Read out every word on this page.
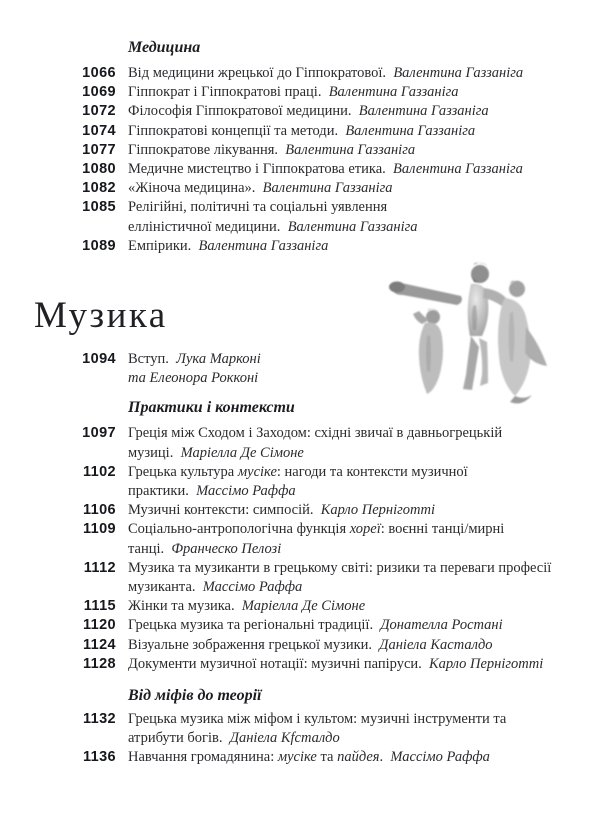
Медицина
1066 Від медицини жрецької до Гіппократової.  Валентина Газзаніга
1069 Гіппократ і Гіппократові праці.  Валентина Газзаніга
1072 Філософія Гіппократової медицини.  Валентина Газзаніга
1074 Гіппократові концепції та методи.  Валентина Газзаніга
1077 Гіппократове лікування.  Валентина Газзаніга
1080 Медичне мистецтво і Гіппократова етика.  Валентина Газзаніга
1082 «Жіноча медицина».  Валентина Газзаніга
1085 Релігійні, політичні та соціальні уявлення
елліністичної медицини.  Валентина Газзаніга
1089 Емпірики.  Валентина Газзаніга
Музика
1094 Вступ.  Лука Марконі
та Елеонора Рокконі
Практики і контексти
1097 Греція між Сходом і Заходом: східні звичаї в давньогрецькій
музиці.  Маріелла Де Сімоне
1102 Грецька культура мусіке: нагоди та контексти музичної
практики.  Массімо Раффа
1106 Музичні контексти: симпосій.  Карло Перніготті
1109 Соціально-антропологічна функція хореї: воєнні танці/мирні
танці.  Франческо Пелозі
1112 Музика та музиканти в грецькому світі: ризики та переваги професії
музиканта.  Массімо Раффа
1115 Жінки та музика.  Маріелла Де Сімоне
1120 Грецька музика та регіональні традиції.  Донателла Ростані
1124 Візуальне зображення грецької музики.  Даніела Касталдо
1128 Документи музичної нотації: музичні папіруси.  Карло Перніготті
Від міфів до теорії
1132 Грецька музика між міфом і культом: музичні інструменти та
атрибути богів.  Даніела Кfсталдо
1136 Навчання громадянина: мусіке та пайдея.  Массімо Раффа
